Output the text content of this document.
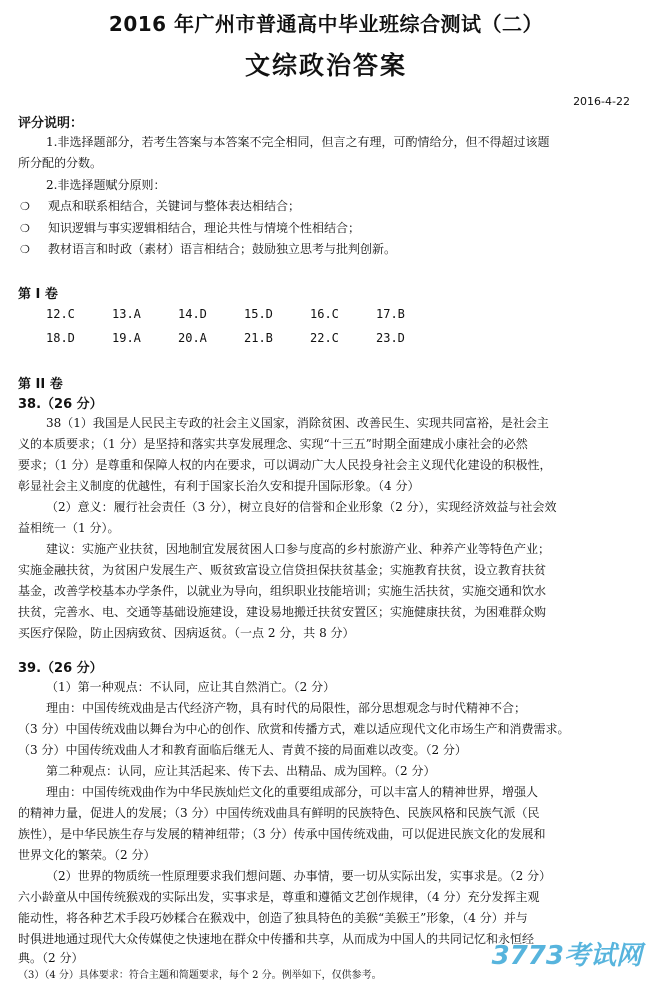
2016 年广州市普通高中毕业班综合测试（二）
文综政治答案
2016-4-22
评分说明：
1.非选择题部分，若考生答案与本答案不完全相同，但言之有理，可酌情给分，但不得超过该题
所分配的分数。
2.非选择题赋分原则：
❍ 观点和联系相结合，关键词与整体表达相结合；
❍ 知识逻辑与事实逻辑相结合，理论共性与情境个性相结合；
❍ 教材语言和时政（素材）语言相结合；鼓励独立思考与批判创新。
第 I 卷
12.C	13.A	14.D	15.D	16.C	17.B
18.D	19.A	20.A	21.B	22.C	23.D
第 II 卷
38.（26 分）
38（1）我国是人民民主专政的社会主义国家，消除贫困、改善民生、实现共同富裕，是社会主
义的本质要求；（1 分）是坚持和落实共享发展理念、实现“十三五”时期全面建成小康社会的必然
要求；（1 分）是尊重和保障人权的内在要求，可以调动广大人民投身社会主义现代化建设的积极性，
彰显社会主义制度的优越性，有利于国家长治久安和提升国际形象。（4 分）
（2）意义：履行社会责任（3 分），树立良好的信誉和企业形象（2 分），实现经济效益与社会效
益相统一（1 分）。
建议：实施产业扶贫，因地制宜发展贫困人口参与度高的乡村旅游产业、种养产业等特色产业；
实施金融扶贫，为贫困户发展生产、贩贫致富设立信贷担保扶贫基金；实施教育扶贫，设立教育扶贫
基金，改善学校基本办学条件，以就业为导向，组织职业技能培训；实施生活扶贫，实施交通和饮水
扶贫，完善水、电、交通等基础设施建设，建设易地搬迁扶贫安置区；实施健康扶贫，为困难群众购
买医疗保险，防止因病致贫、因病返贫。（一点 2 分，共 8 分）
39.（26 分）
（1）第一种观点：不认同，应让其自然消亡。（2 分）
理由：中国传统戏曲是古代经济产物，具有时代的局限性，部分思想观念与时代精神不合；
（3 分）中国传统戏曲以舞台为中心的创作、欣赏和传播方式，难以适应现代文化市场生产和消费需求。
（3 分）中国传统戏曲人才和教育面临后继无人、青黄不接的局面难以改变。（2 分）
第二种观点：认同，应让其活起来、传下去、出精品、成为国粹。（2 分）
理由：中国传统戏曲作为中华民族灿烂文化的重要组成部分，可以丰富人的精神世界，增强人
的精神力量，促进人的发展；（3 分）中国传统戏曲具有鲜明的民族特色、民族风格和民族气派（民
族性），是中华民族生存与发展的精神纽带；（3 分）传承中国传统戏曲，可以促进民族文化的发展和
世界文化的繁荣。（2 分）
（2）世界的物质统一性原理要求我们想问题、办事情，要一切从实际出发，实事求是。（2 分）
六小龄童从中国传统猴戏的实际出发，实事求是，尊重和遵循文艺创作规律，（4 分）充分发挥主观
能动性，将各种艺术手段巧妙糅合在猴戏中，创造了独具特色的美猴“美猴王”形象，（4 分）并与
时俱进地通过现代大众传媒使之快速地在群众中传播和共享，从而成为中国人的共同记忆和永恒经
典。（2 分）	3773考试网
（3）（4 分）具体要求：符合主题和简题要求，每个 2 分。例举如下，仅供参考。
